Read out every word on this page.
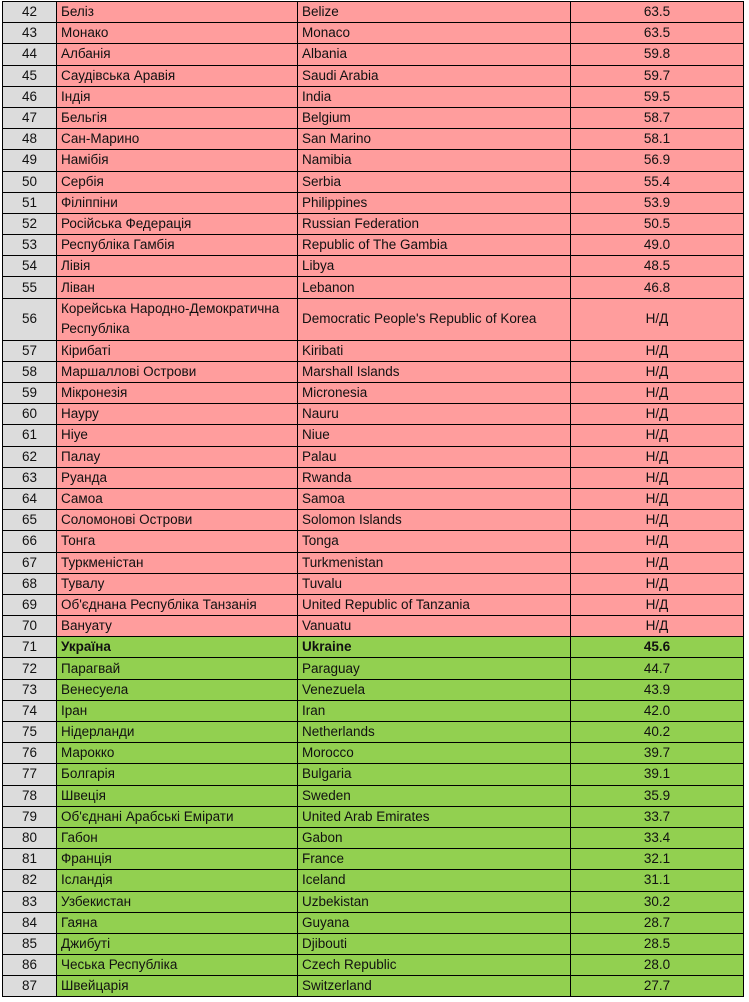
42	Беліз	Belize	63.5
43	Монако	Monaco	63.5
44	Албанія	Albania	59.8
45	Саудівська Аравія	Saudi Arabia	59.7
46	Індія	India	59.5
47	Бельгія	Belgium	58.7
48	Сан-Марино	San Marino	58.1
49	Намібія	Namibia	56.9
50	Сербія	Serbia	55.4
51	Філіппіни	Philippines	53.9
52	Російська Федерація	Russian Federation	50.5
53	Республіка Гамбія	Republic of The Gambia	49.0
54	Лівія	Libya	48.5
55	Ліван	Lebanon	46.8
56	Корейська Народно-Демократична Республіка	Democratic People's Republic of Korea	Н/Д
57	Кірибаті	Kiribati	Н/Д
58	Маршаллові Острови	Marshall Islands	Н/Д
59	Мікронезія	Micronesia	Н/Д
60	Науру	Nauru	Н/Д
61	Ніуе	Niue	Н/Д
62	Палау	Palau	Н/Д
63	Руанда	Rwanda	Н/Д
64	Самоа	Samoa	Н/Д
65	Соломонові Острови	Solomon Islands	Н/Д
66	Тонга	Tonga	Н/Д
67	Туркменістан	Turkmenistan	Н/Д
68	Тувалу	Tuvalu	Н/Д
69	Об'єднана Республіка Танзанія	United Republic of Tanzania	Н/Д
70	Вануату	Vanuatu	Н/Д
71	Україна	Ukraine	45.6
72	Парагвай	Paraguay	44.7
73	Венесуела	Venezuela	43.9
74	Іран	Iran	42.0
75	Нідерланди	Netherlands	40.2
76	Марокко	Morocco	39.7
77	Болгарія	Bulgaria	39.1
78	Швеція	Sweden	35.9
79	Об'єднані Арабські Емірати	United Arab Emirates	33.7
80	Габон	Gabon	33.4
81	Франція	France	32.1
82	Ісландія	Iceland	31.1
83	Узбекистан	Uzbekistan	30.2
84	Гаяна	Guyana	28.7
85	Джибуті	Djibouti	28.5
86	Чеська Республіка	Czech Republic	28.0
87	Швейцарія	Switzerland	27.7
